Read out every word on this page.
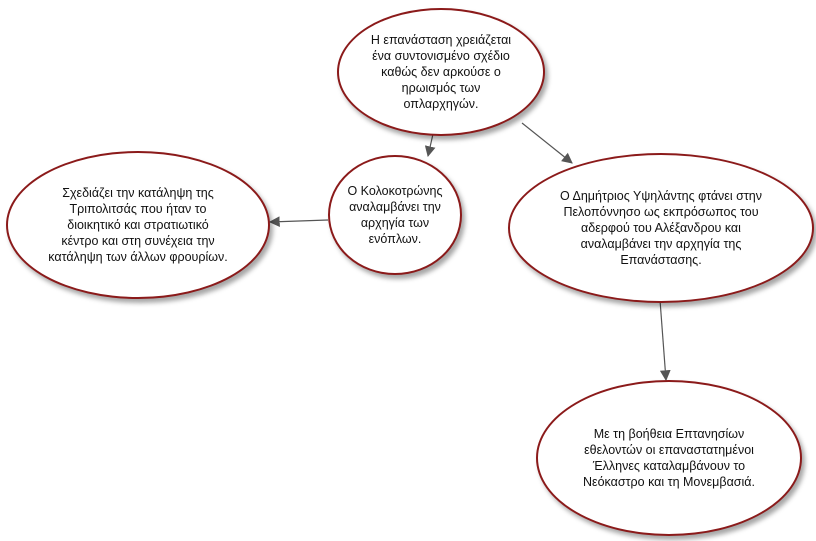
Η επανάσταση χρειάζεται ένα συντονισμένο σχέδιο καθώς δεν αρκούσε ο ηρωισμός των οπλαρχηγών.
Ο Κολοκοτρώνης αναλαμβάνει την αρχηγία των ενόπλων.
Σχεδιάζει την κατάληψη της Τριπολιτσάς που ήταν το διοικητικό και στρατιωτικό κέντρο και στη συνέχεια την κατάληψη των άλλων φρουρίων.
Ο Δημήτριος Υψηλάντης φτάνει στην Πελοπόννησο ως εκπρόσωπος του αδερφού του Αλέξανδρου και αναλαμβάνει την αρχηγία της Επανάστασης.
Με τη βοήθεια Επτανησίων εθελοντών οι επαναστατημένοι Έλληνες καταλαμβάνουν το Νεόκαστρο και τη Μονεμβασιά.
